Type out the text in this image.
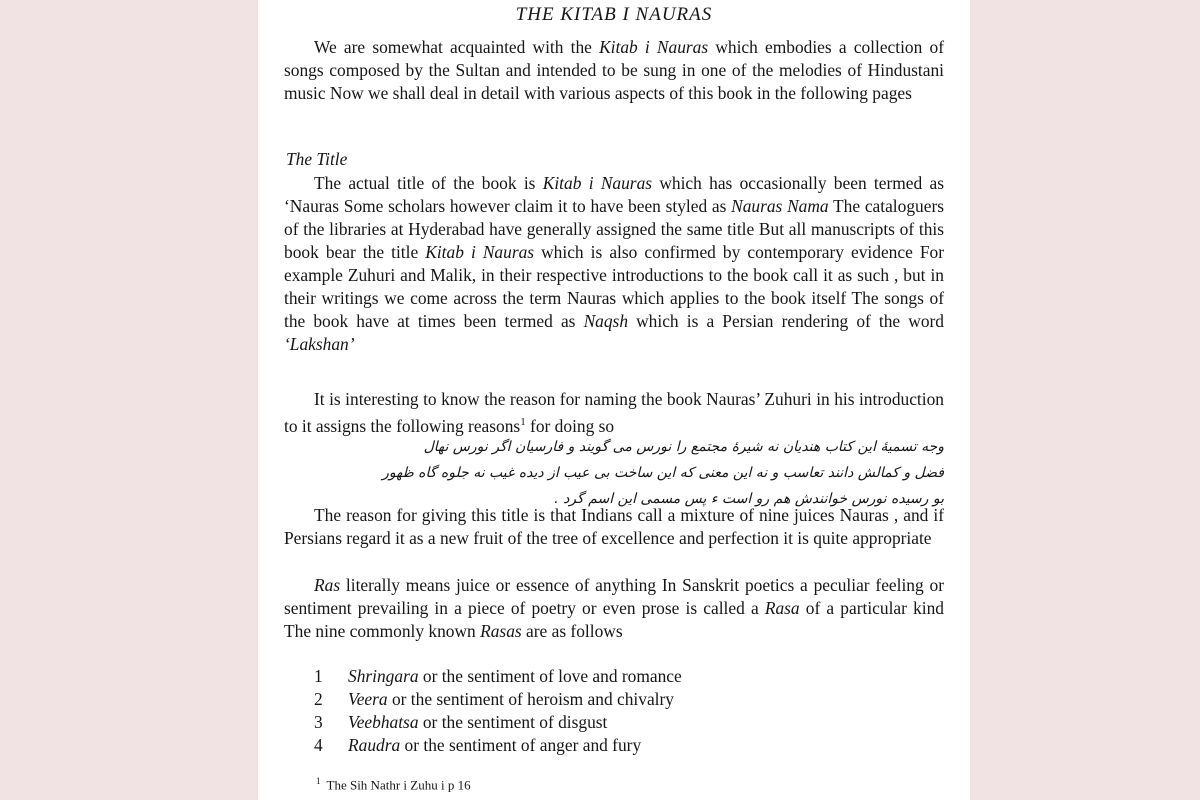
THE KITAB I NAURAS
We are somewhat acquainted with the Kitab i Nauras which embodies a collection of songs composed by the Sultan and intended to be sung in one of the melodies of Hindustani music Now we shall deal in detail with various aspects of this book in the following pages
The Title
The actual title of the book is Kitab i Nauras which has occasionally been termed as ‘Nauras Some scholars however claim it to have been styled as Nauras Nama The cataloguers of the libraries at Hyderabad have generally assigned the same title But all manuscripts of this book bear the title Kitab i Nauras which is also confirmed by contemporary evidence For example Zuhuri and Malik, in their respective introductions to the book call it as such , but in their writings we come across the term Nauras which applies to the book itself The songs of the book have at times been termed as Naqsh which is a Persian rendering of the word ‘Lakshan’
It is interesting to know the reason for naming the book Nauras’ Zuhuri in his introduction to it assigns the following reasons$^1$ for doing so
وجه تسمیۀ این کتاب هندیان نه شیرۀ مجتمع را نورس می گویند و فارسیان اگر نورس نهال
فضل و کمالش دانند تعاسب و نه این معنی که این ساخت بی عیب از دیده غیب نه جلوه گاه ظهور
بو رسیده نورس خوانندش هم رو است ء پس مسمی این اسم گرد .
The reason for giving this title is that Indians call a mixture of nine juices Nauras , and if Persians regard it as a new fruit of the tree of excellence and perfection it is quite appropriate
Ras literally means juice or essence of anything In Sanskrit poetics a peculiar feeling or sentiment prevailing in a piece of poetry or even prose is called a Rasa of a particular kind The nine commonly known Rasas are as follows
1	Shringara or the sentiment of love and romance
2	Veera or the sentiment of heroism and chivalry
3	Veebhatsa or the sentiment of disgust
4	Raudra or the sentiment of anger and fury
$^1$ The Sih Nathr i Zuhu i p 16
